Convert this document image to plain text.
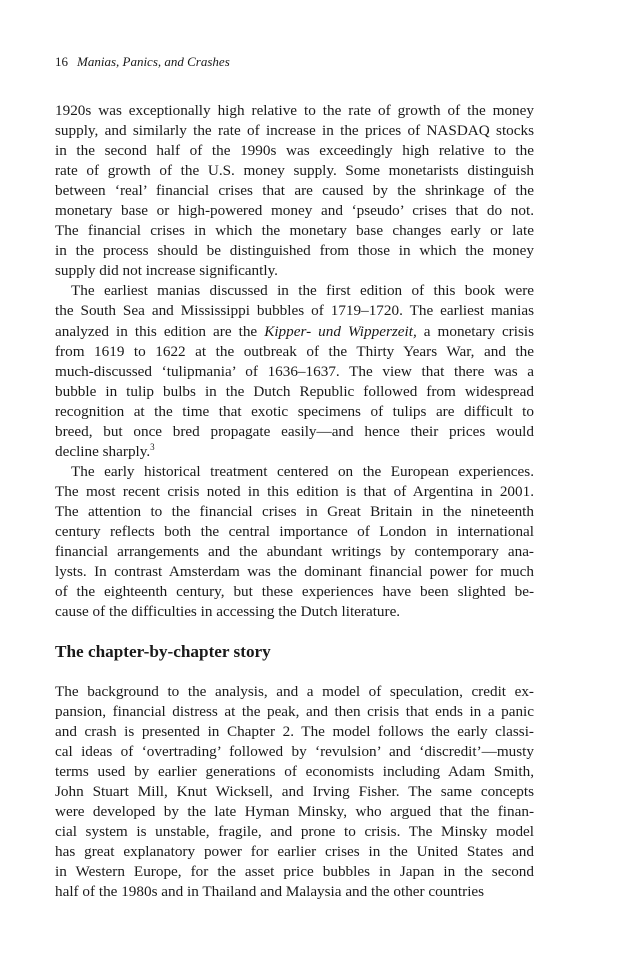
16 Manias, Panics, and Crashes
1920s was exceptionally high relative to the rate of growth of the money
supply, and similarly the rate of increase in the prices of NASDAQ stocks
in the second half of the 1990s was exceedingly high relative to the
rate of growth of the U.S. money supply. Some monetarists distinguish
between ‘real’ financial crises that are caused by the shrinkage of the
monetary base or high-powered money and ‘pseudo’ crises that do not.
The financial crises in which the monetary base changes early or late
in the process should be distinguished from those in which the money
supply did not increase significantly.
The earliest manias discussed in the first edition of this book were
the South Sea and Mississippi bubbles of 1719–1720. The earliest manias
analyzed in this edition are the Kipper- und Wipperzeit, a monetary crisis
from 1619 to 1622 at the outbreak of the Thirty Years War, and the
much-discussed ‘tulipmania’ of 1636–1637. The view that there was a
bubble in tulip bulbs in the Dutch Republic followed from widespread
recognition at the time that exotic specimens of tulips are difficult to
breed, but once bred propagate easily—and hence their prices would
decline sharply.$^3$
The early historical treatment centered on the European experiences.
The most recent crisis noted in this edition is that of Argentina in 2001.
The attention to the financial crises in Great Britain in the nineteenth
century reflects both the central importance of London in international
financial arrangements and the abundant writings by contemporary ana-
lysts. In contrast Amsterdam was the dominant financial power for much
of the eighteenth century, but these experiences have been slighted be-
cause of the difficulties in accessing the Dutch literature.
The chapter-by-chapter story
The background to the analysis, and a model of speculation, credit ex-
pansion, financial distress at the peak, and then crisis that ends in a panic
and crash is presented in Chapter 2. The model follows the early classi-
cal ideas of ‘overtrading’ followed by ‘revulsion’ and ‘discredit’—musty
terms used by earlier generations of economists including Adam Smith,
John Stuart Mill, Knut Wicksell, and Irving Fisher. The same concepts
were developed by the late Hyman Minsky, who argued that the finan-
cial system is unstable, fragile, and prone to crisis. The Minsky model
has great explanatory power for earlier crises in the United States and
in Western Europe, for the asset price bubbles in Japan in the second
half of the 1980s and in Thailand and Malaysia and the other countries
